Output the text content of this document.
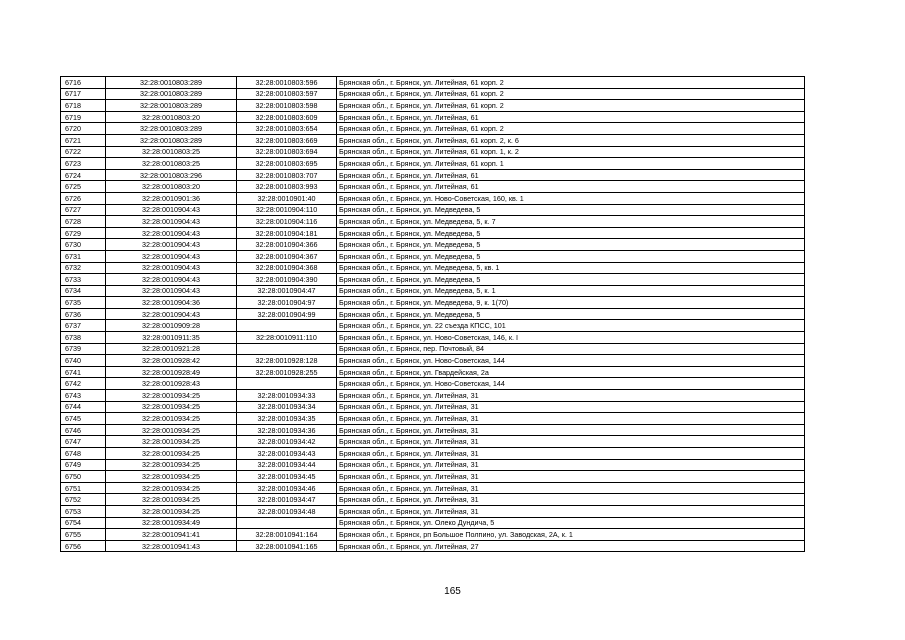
6716	32:28:0010803:289	32:28:0010803:596	Брянская обл., г. Брянск, ул. Литейная, 61 корп. 2
6717	32:28:0010803:289	32:28:0010803:597	Брянская обл., г. Брянск, ул. Литейная, 61 корп. 2
6718	32:28:0010803:289	32:28:0010803:598	Брянская обл., г. Брянск, ул. Литейная, 61 корп. 2
6719	32:28:0010803:20	32:28:0010803:609	Брянская обл., г. Брянск, ул. Литейная, 61
6720	32:28:0010803:289	32:28:0010803:654	Брянская обл., г. Брянск, ул. Литейная, 61 корп. 2
6721	32:28:0010803:289	32:28:0010803:669	Брянская обл., г. Брянск, ул. Литейная, 61 корп. 2, к. 6
6722	32:28:0010803:25	32:28:0010803:694	Брянская обл., г. Брянск, ул. Литейная, 61 корп. 1, к. 2
6723	32:28:0010803:25	32:28:0010803:695	Брянская обл., г. Брянск, ул. Литейная, 61 корп. 1
6724	32:28:0010803:296	32:28:0010803:707	Брянская обл., г. Брянск, ул. Литейная, 61
6725	32:28:0010803:20	32:28:0010803:993	Брянская обл., г. Брянск, ул. Литейная, 61
6726	32:28:0010901:36	32:28:0010901:40	Брянская обл., г. Брянск, ул. Ново-Советская, 160, кв. 1
6727	32:28:0010904:43	32:28:0010904:110	Брянская обл., г. Брянск, ул. Медведева, 5
6728	32:28:0010904:43	32:28:0010904:116	Брянская обл., г. Брянск, ул. Медведева, 5, к. 7
6729	32:28:0010904:43	32:28:0010904:181	Брянская обл., г. Брянск, ул. Медведева, 5
6730	32:28:0010904:43	32:28:0010904:366	Брянская обл., г. Брянск, ул. Медведева, 5
6731	32:28:0010904:43	32:28:0010904:367	Брянская обл., г. Брянск, ул. Медведева, 5
6732	32:28:0010904:43	32:28:0010904:368	Брянская обл., г. Брянск, ул. Медведева, 5, кв. 1
6733	32:28:0010904:43	32:28:0010904:390	Брянская обл., г. Брянск, ул. Медведева, 5
6734	32:28:0010904:43	32:28:0010904:47	Брянская обл., г. Брянск, ул. Медведева, 5, к. 1
6735	32:28:0010904:36	32:28:0010904:97	Брянская обл., г. Брянск, ул. Медведева, 9, к. 1(70)
6736	32:28:0010904:43	32:28:0010904:99	Брянская обл., г. Брянск, ул. Медведева, 5
6737	32:28:0010909:28		Брянская обл., г. Брянск, ул. 22 съезда КПСС, 101
6738	32:28:0010911:35	32:28:0010911:110	Брянская обл., г. Брянск, ул. Ново-Советская, 146, к. I
6739	32:28:0010921:28		Брянская обл., г. Брянск, пер. Почтовый, 84
6740	32:28:0010928:42	32:28:0010928:128	Брянская обл., г. Брянск, ул. Ново-Советская, 144
6741	32:28:0010928:49	32:28:0010928:255	Брянская обл., г. Брянск, ул. Гвардейская, 2а
6742	32:28:0010928:43		Брянская обл., г. Брянск, ул. Ново-Советская, 144
6743	32:28:0010934:25	32:28:0010934:33	Брянская обл., г. Брянск, ул. Литейная, 31
6744	32:28:0010934:25	32:28:0010934:34	Брянская обл., г. Брянск, ул. Литейная, 31
6745	32:28:0010934:25	32:28:0010934:35	Брянская обл., г. Брянск, ул. Литейная, 31
6746	32:28:0010934:25	32:28:0010934:36	Брянская обл., г. Брянск, ул. Литейная, 31
6747	32:28:0010934:25	32:28:0010934:42	Брянская обл., г. Брянск, ул. Литейная, 31
6748	32:28:0010934:25	32:28:0010934:43	Брянская обл., г. Брянск, ул. Литейная, 31
6749	32:28:0010934:25	32:28:0010934:44	Брянская обл., г. Брянск, ул. Литейная, 31
6750	32:28:0010934:25	32:28:0010934:45	Брянская обл., г. Брянск, ул. Литейная, 31
6751	32:28:0010934:25	32:28:0010934:46	Брянская обл., г. Брянск, ул. Литейная, 31
6752	32:28:0010934:25	32:28:0010934:47	Брянская обл., г. Брянск, ул. Литейная, 31
6753	32:28:0010934:25	32:28:0010934:48	Брянская обл., г. Брянск, ул. Литейная, 31
6754	32:28:0010934:49		Брянская обл., г. Брянск, ул. Олеко Дундича, 5
6755	32:28:0010941:41	32:28:0010941:164	Брянская обл., г. Брянск, рп Большое Полпино, ул. Заводская, 2А, к. 1
6756	32:28:0010941:43	32:28:0010941:165	Брянская обл., г. Брянск, ул. Литейная, 27
165
